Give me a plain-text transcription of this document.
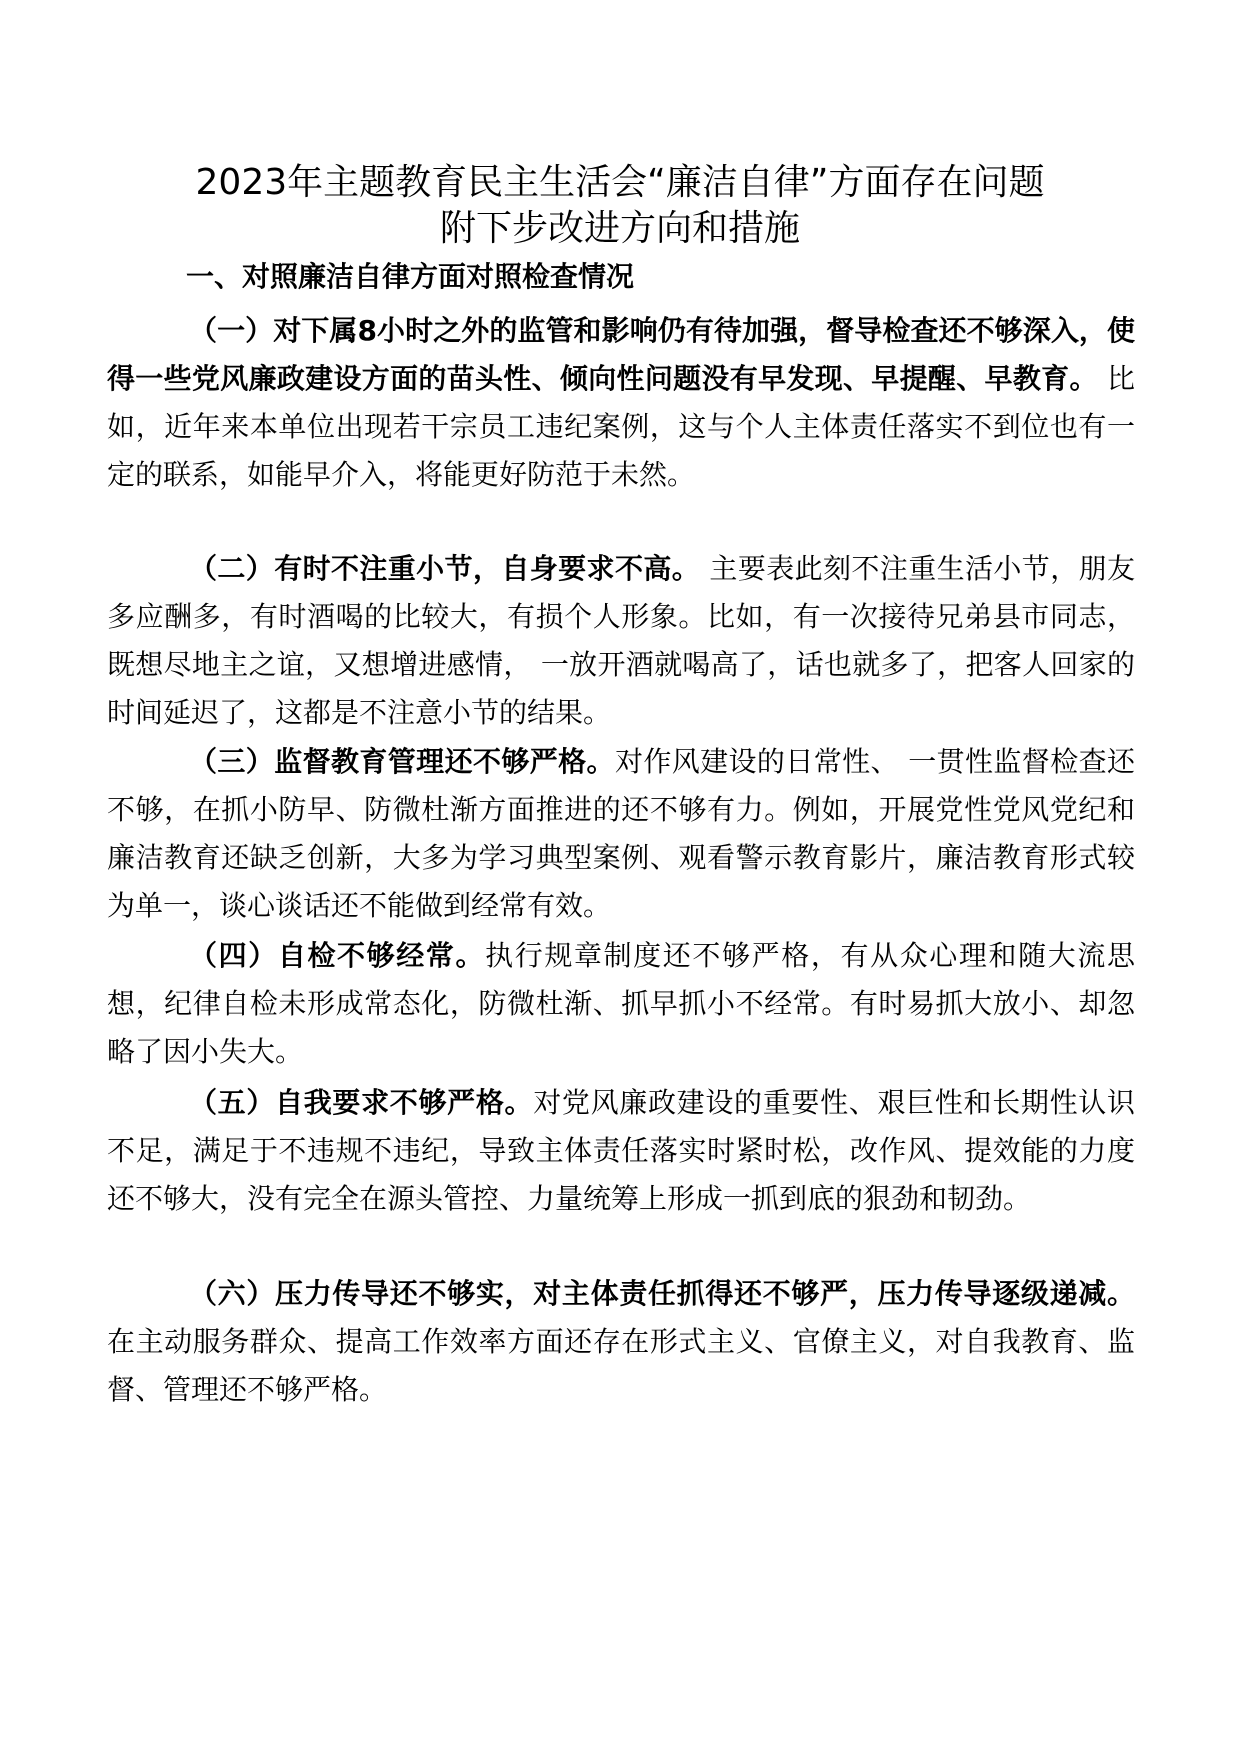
2023年主题教育民主生活会“廉洁自律”方面存在问题
附下步改进方向和措施
一、对照廉洁自律方面对照检查情况

（一）对下属8小时之外的监管和影响仍有待加强，督导检查还不够深入，使得一些党风廉政建设方面的苗头性、倾向性问题没有早发现、早提醒、早教育。 比如，近年来本单位出现若干宗员工违纪案例，这与个人主体责任落实不到位也有一定的联系，如能早介入，将能更好防范于未然。

（二）有时不注重小节，自身要求不高。 主要表此刻不注重生活小节，朋友多应酬多，有时酒喝的比较大，有损个人形象。比如，有一次接待兄弟县市同志，既想尽地主之谊，又想增进感情， 一放开酒就喝高了，话也就多了，把客人回家的时间延迟了，这都是不注意小节的结果。

（三）监督教育管理还不够严格。对作风建设的日常性、 一贯性监督检查还不够，在抓小防早、防微杜渐方面推进的还不够有力。例如，开展党性党风党纪和廉洁教育还缺乏创新，大多为学习典型案例、观看警示教育影片，廉洁教育形式较为单一，谈心谈话还不能做到经常有效。

（四）自检不够经常。执行规章制度还不够严格，有从众心理和随大流思想，纪律自检未形成常态化，防微杜渐、抓早抓小不经常。有时易抓大放小、却忽略了因小失大。

（五）自我要求不够严格。对党风廉政建设的重要性、艰巨性和长期性认识不足，满足于不违规不违纪，导致主体责任落实时紧时松，改作风、提效能的力度还不够大，没有完全在源头管控、力量统筹上形成一抓到底的狠劲和韧劲。

（六）压力传导还不够实，对主体责任抓得还不够严，压力传导逐级递减。在主动服务群众、提高工作效率方面还存在形式主义、官僚主义，对自我教育、监督、管理还不够严格。
